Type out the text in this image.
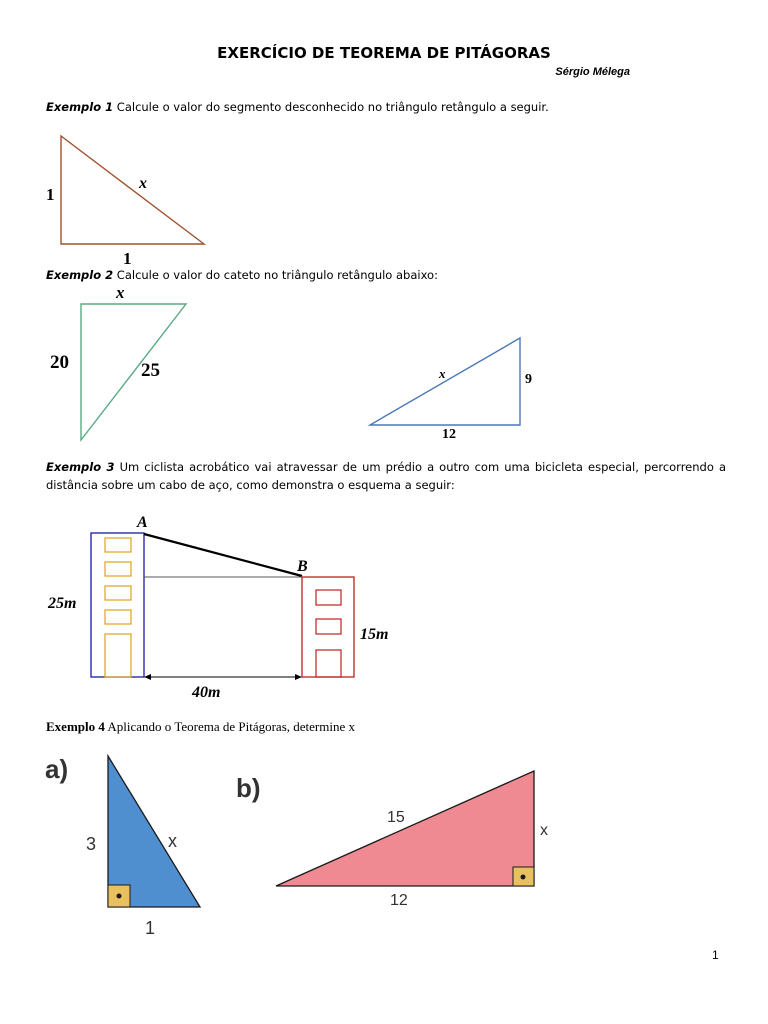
EXERCÍCIO DE TEOREMA DE PITÁGORAS
Sérgio Mélega
Exemplo 1 Calcule o valor do segmento desconhecido no triângulo retângulo a seguir.
1
1
x
x
20	25	x	9
12
A
B
25m
15m
40m
a)
3	x
1
b)
15
x
12
Exemplo 2 Calcule o valor do cateto no triângulo retângulo abaixo:
Exemplo 3 Um ciclista acrobático vai atravessar de um prédio a outro com uma bicicleta especial, percorrendo a distância sobre um cabo de aço, como demonstra o esquema a seguir:
Exemplo 4 Aplicando o Teorema de Pitágoras, determine x
1
